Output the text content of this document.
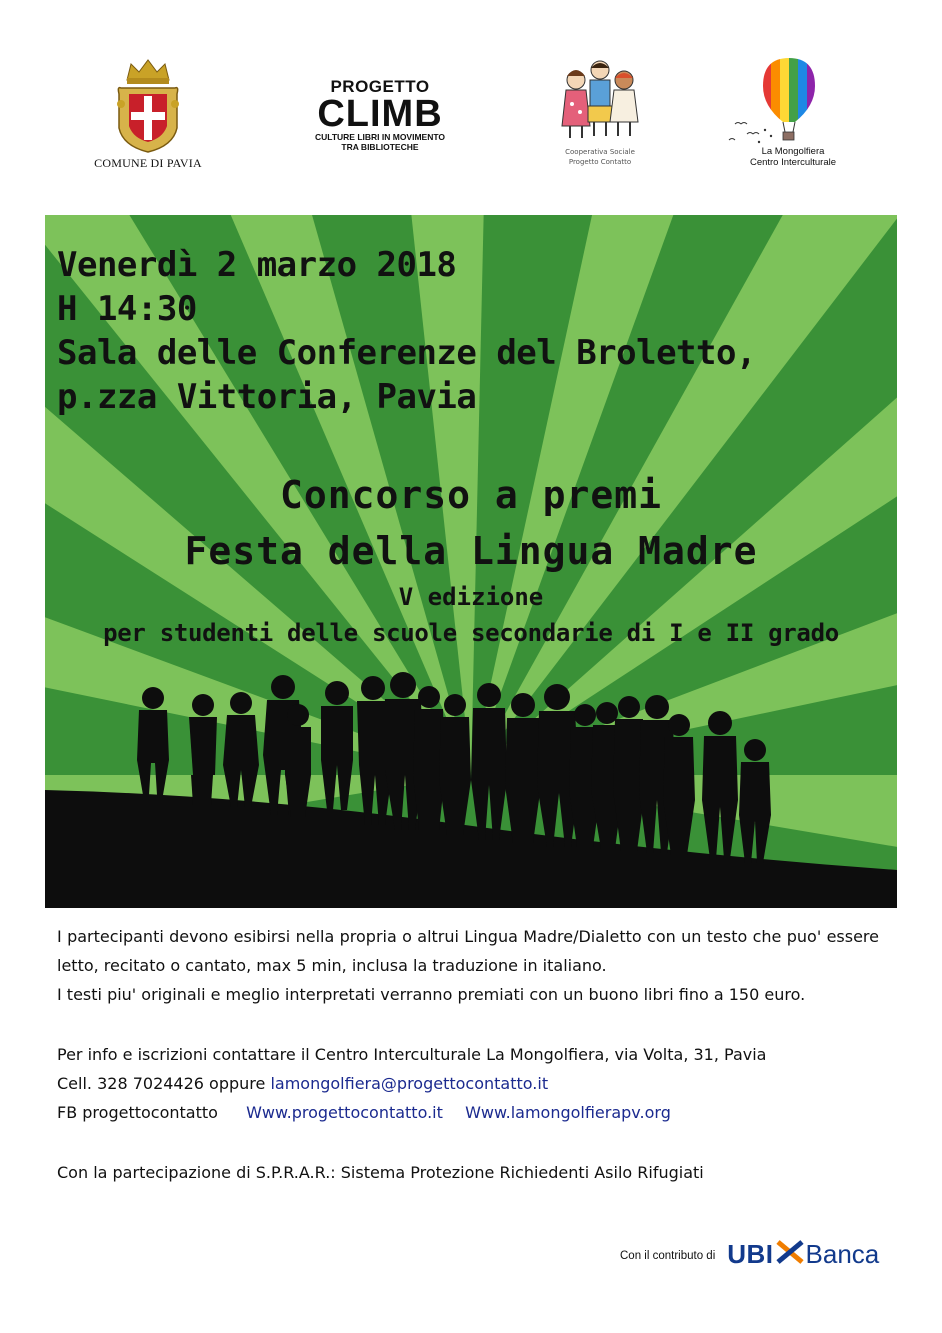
COMUNE DI PAVIA
PROGETTO
CLIMB
CULTURE LIBRI IN MOVIMENTO
TRA BIBLIOTECHE	Cooperativa Sociale
Progetto Contatto
La Mongolfiera
Centro Interculturale
Venerdì 2 marzo 2018
H 14:30
Sala delle Conferenze del Broletto,
p.zza Vittoria, Pavia
Concorso a premi
Festa della Lingua Madre
V edizione
per studenti delle scuole secondarie di I e II grado

I partecipanti devono esibirsi nella propria o altrui Lingua Madre/Dialetto con un testo che puo' essere letto, recitato o cantato, max 5 min, inclusa la traduzione in italiano.

I testi piu' originali e meglio interpretati verranno premiati con un buono libri fino a 150 euro.

Per info e iscrizioni contattare il Centro Interculturale La Mongolfiera, via Volta, 31, Pavia
Cell. 328 7024426 oppure lamongolfiera@progettocontatto.it
FB progettocontatto Www.progettocontatto.it Www.lamongolfierapv.org
Con la partecipazione di S.P.R.A.R.: Sistema Protezione Richiedenti Asilo Rifugiati
Con il contributo di UBI Banca
